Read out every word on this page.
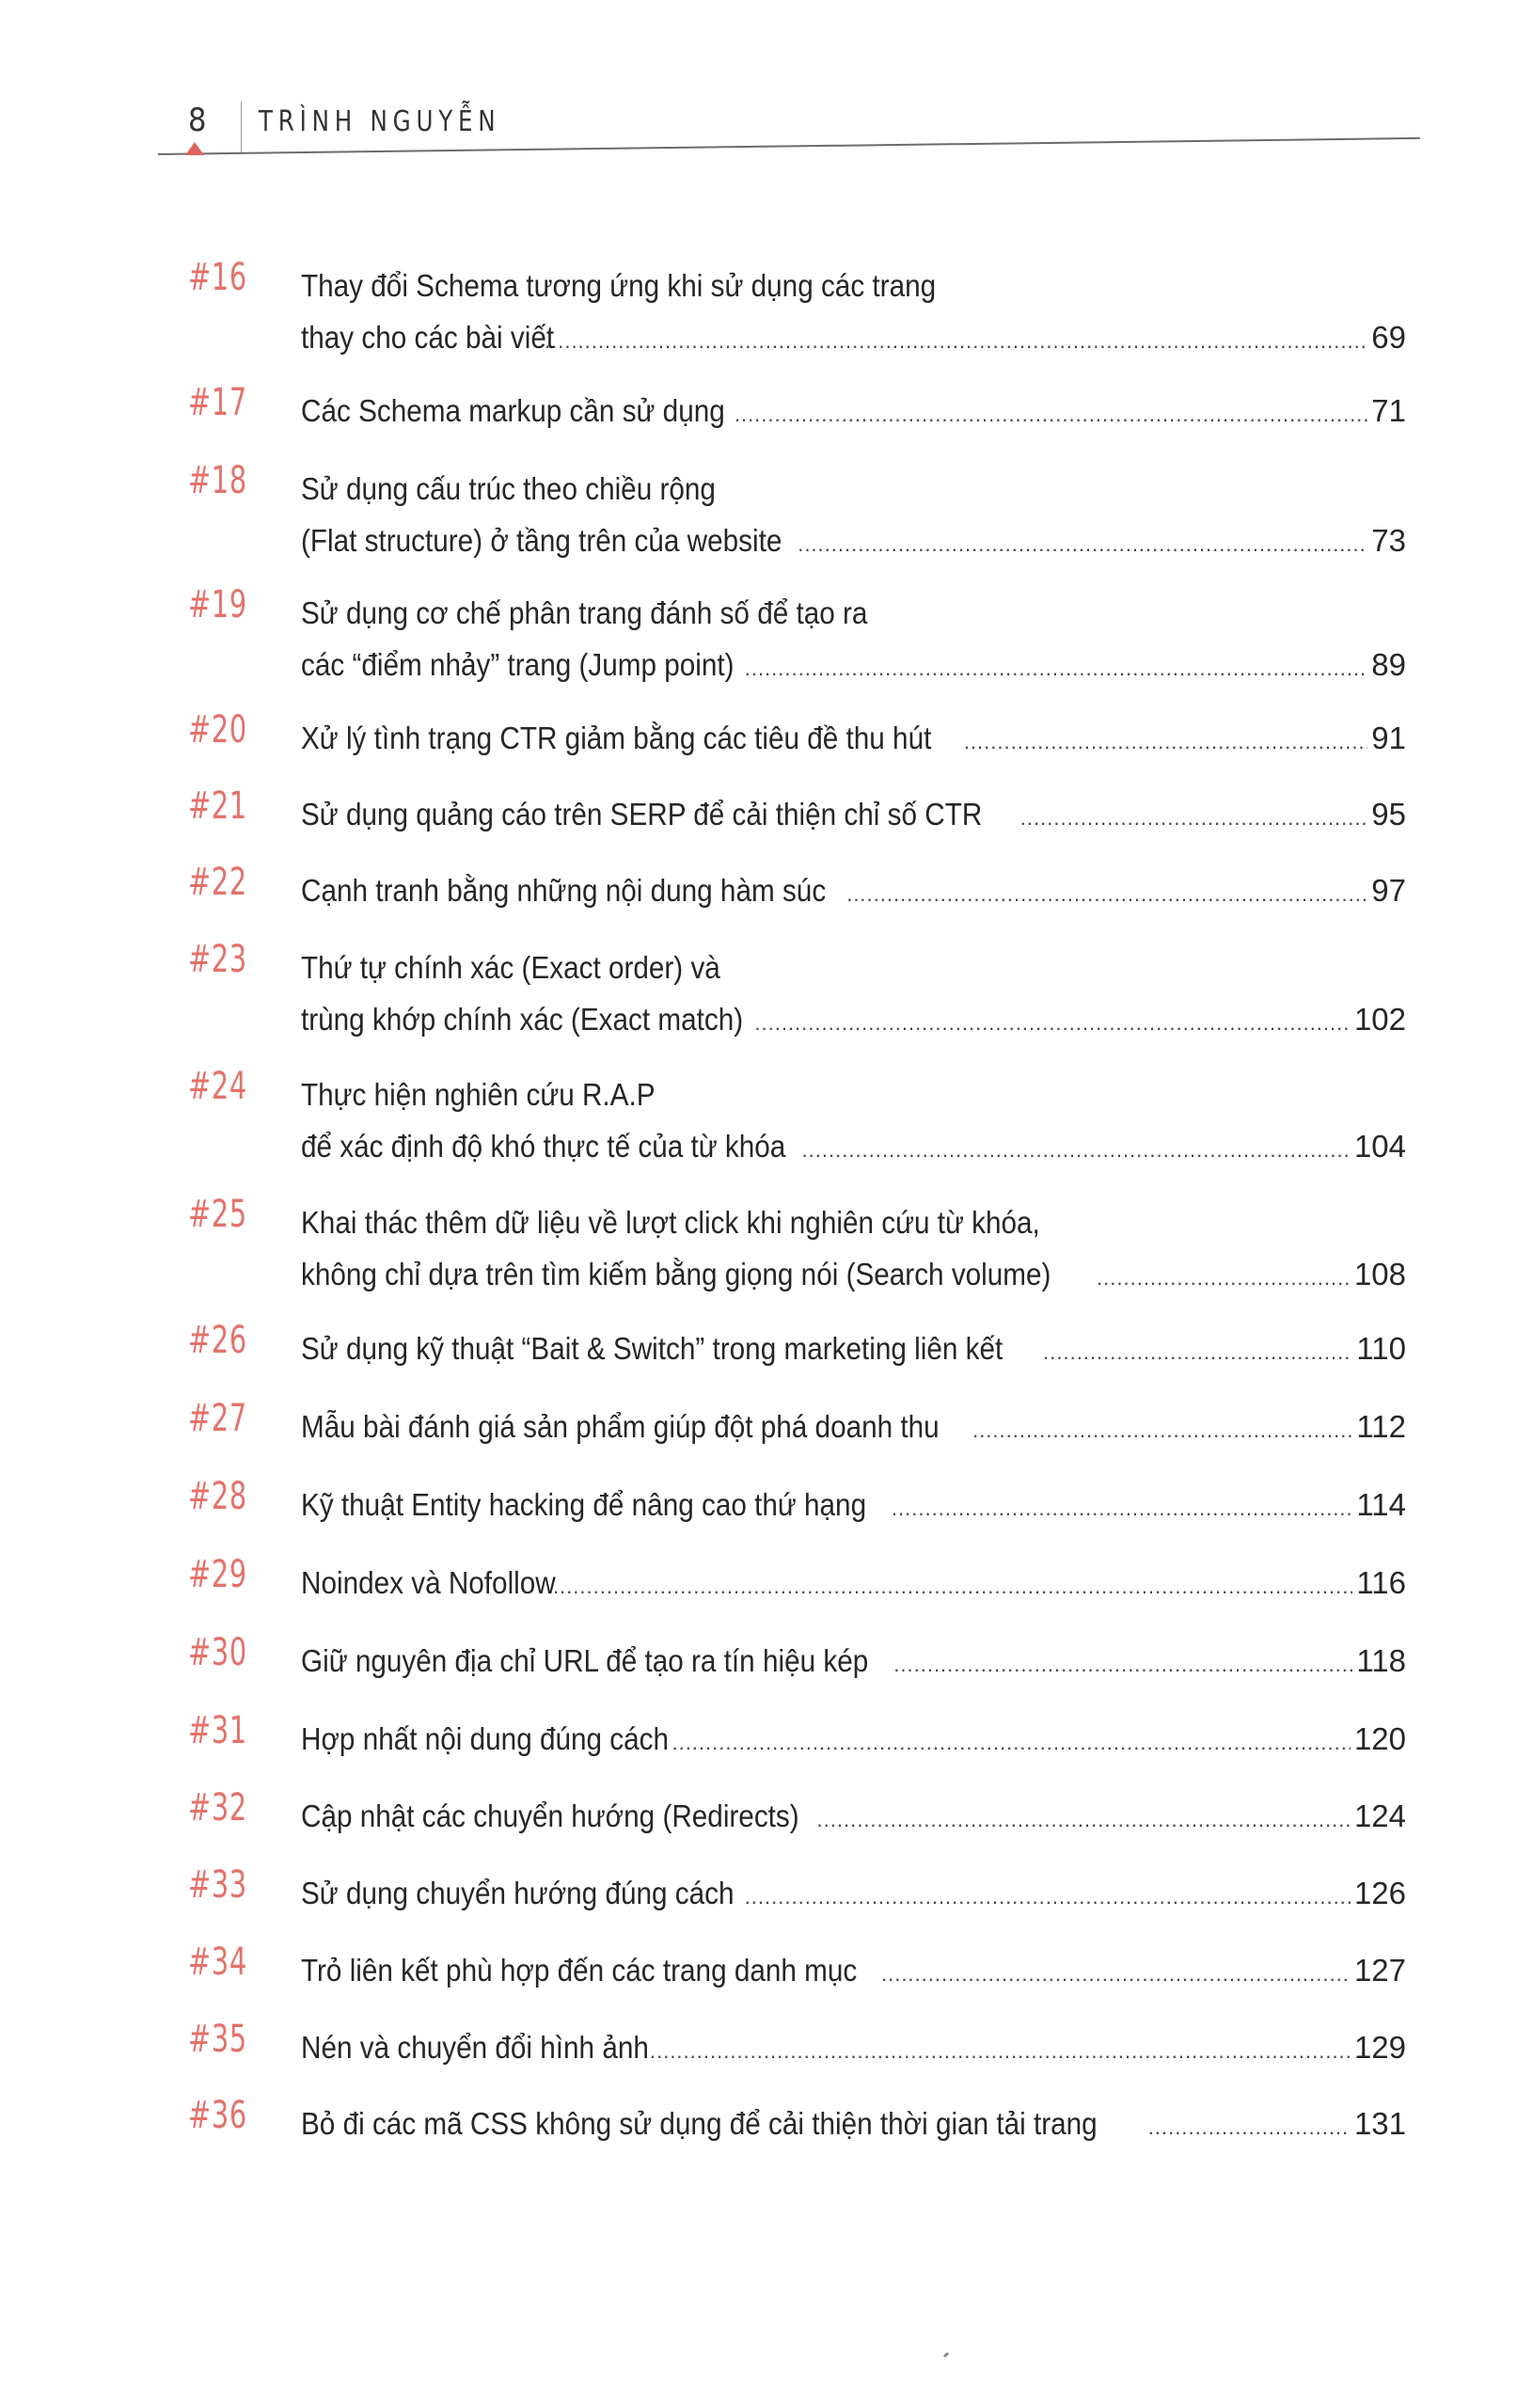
8 TRÌNH NGUYỄN
#16 Thay đổi Schema tương ứng khi sử dụng các trang
thay cho các bài viết .....	69
#17 Các Schema markup cần sử dụng .....	71
#18 Sử dụng cấu trúc theo chiều rộng
(Flat structure) ở tầng trên của website .....	73
#19 Sử dụng cơ chế phân trang đánh số để tạo ra
các “điểm nhảy” trang (Jump point) .....	89
#20 Xử lý tình trạng CTR giảm bằng các tiêu đề thu hút .....	91
#21 Sử dụng quảng cáo trên SERP để cải thiện chỉ số CTR .....	95
#22 Cạnh tranh bằng những nội dung hàm súc .....	97
#23 Thứ tự chính xác (Exact order) và
trùng khớp chính xác (Exact match) .....	102
#24 Thực hiện nghiên cứu R.A.P
để xác định độ khó thực tế của từ khóa .....	104
#25 Khai thác thêm dữ liệu về lượt click khi nghiên cứu từ khóa,
không chỉ dựa trên tìm kiếm bằng giọng nói (Search volume) .....	108
#26 Sử dụng kỹ thuật “Bait & Switch” trong marketing liên kết .....	110
#27 Mẫu bài đánh giá sản phẩm giúp đột phá doanh thu .....	112
#28 Kỹ thuật Entity hacking để nâng cao thứ hạng .....	114
#29 Noindex và Nofollow .....	116
#30 Giữ nguyên địa chỉ URL để tạo ra tín hiệu kép .....	118
#31 Hợp nhất nội dung đúng cách .....	120
#32 Cập nhật các chuyển hướng (Redirects) .....	124
#33 Sử dụng chuyển hướng đúng cách .....	126
#34 Trỏ liên kết phù hợp đến các trang danh mục .....	127
#35 Nén và chuyển đổi hình ảnh .....	129
#36 Bỏ đi các mã CSS không sử dụng để cải thiện thời gian tải trang .....	131
